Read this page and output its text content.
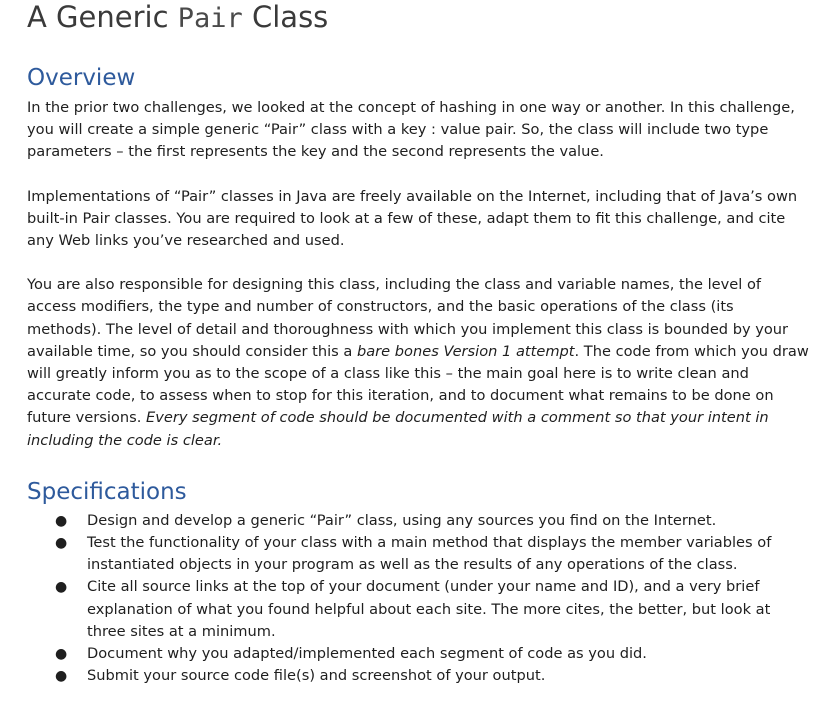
A Generic Pair Class
Overview

In the prior two challenges, we looked at the concept of hashing in one way or another. In this challenge, you will create a simple generic “Pair” class with a key : value pair. So, the class will include two type parameters – the first represents the key and the second represents the value.

Implementations of “Pair” classes in Java are freely available on the Internet, including that of Java’s own built-in Pair classes. You are required to look at a few of these, adapt them to fit this challenge, and cite any Web links you’ve researched and used.

You are also responsible for designing this class, including the class and variable names, the level of access modifiers, the type and number of constructors, and the basic operations of the class (its methods). The level of detail and thoroughness with which you implement this class is bounded by your available time, so you should consider this a bare bones Version 1 attempt. The code from which you draw will greatly inform you as to the scope of a class like this – the main goal here is to write clean and accurate code, to assess when to stop for this iteration, and to document what remains to be done on future versions. Every segment of code should be documented with a comment so that your intent in including the code is clear.

Specifications
● Design and develop a generic “Pair” class, using any sources you find on the Internet.
● Test the functionality of your class with a main method that displays the member variables of instantiated objects in your program as well as the results of any operations of the class.
● Cite all source links at the top of your document (under your name and ID), and a very brief explanation of what you found helpful about each site. The more cites, the better, but look at three sites at a minimum.
● Document why you adapted/implemented each segment of code as you did.
● Submit your source code file(s) and screenshot of your output.
